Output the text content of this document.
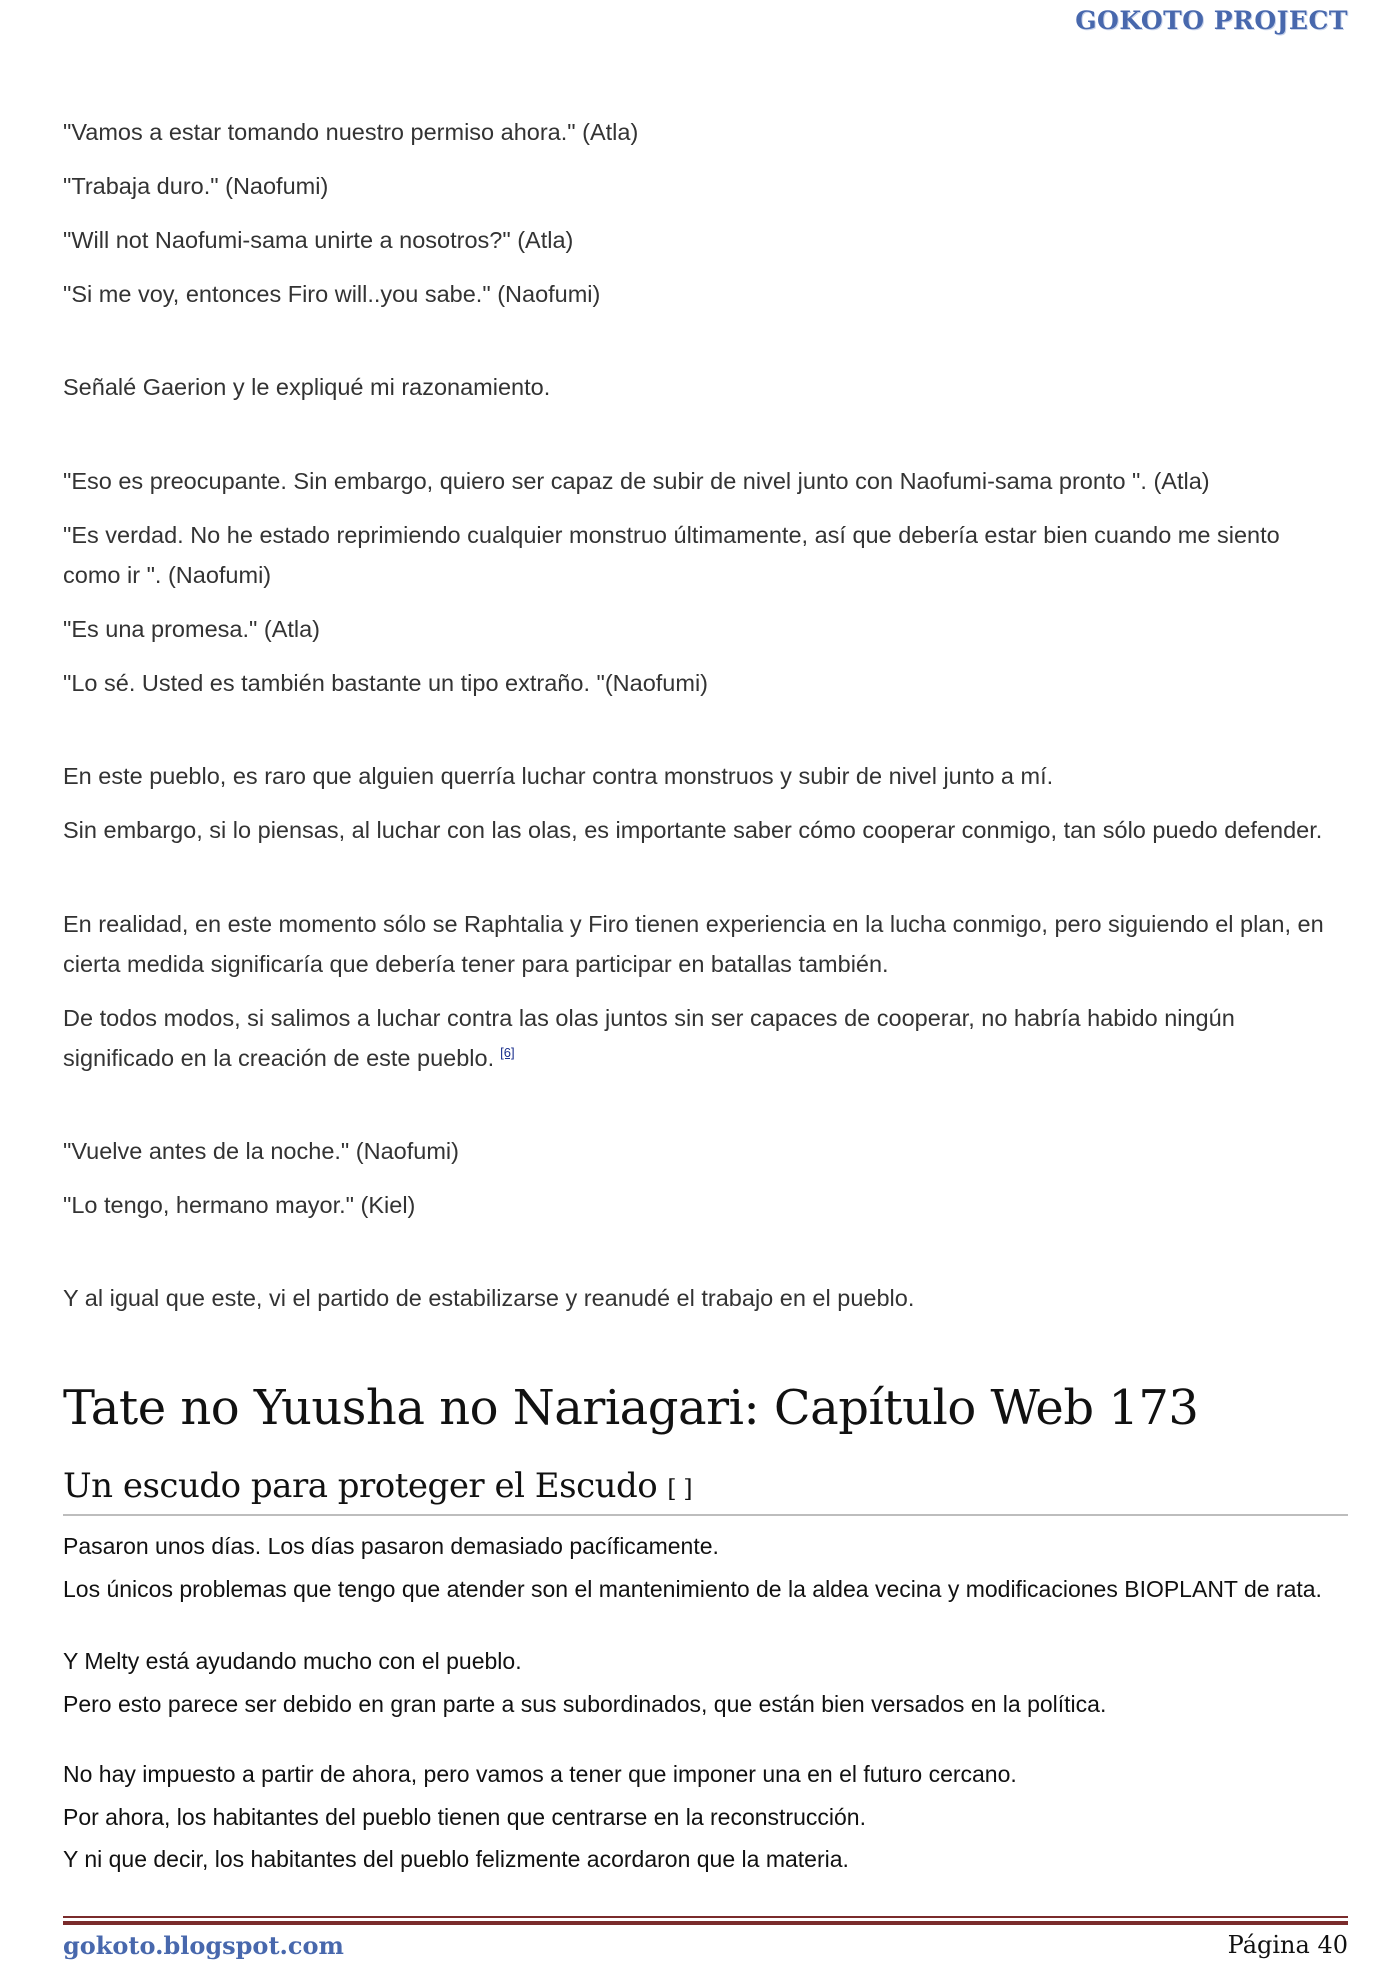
GOKOTO PROJECT

"Vamos a estar tomando nuestro permiso ahora." (Atla)

"Trabaja duro." (Naofumi)

"Will not Naofumi-sama unirte a nosotros?" (Atla)

"Si me voy, entonces Firo will..you sabe." (Naofumi)

Señalé Gaerion y le expliqué mi razonamiento.

"Eso es preocupante. Sin embargo, quiero ser capaz de subir de nivel junto con Naofumi-sama pronto ". (Atla)

"Es verdad. No he estado reprimiendo cualquier monstruo últimamente, así que debería estar bien cuando me siento como ir ". (Naofumi)

"Es una promesa." (Atla)

"Lo sé. Usted es también bastante un tipo extraño. "(Naofumi)

En este pueblo, es raro que alguien querría luchar contra monstruos y subir de nivel junto a mí.

Sin embargo, si lo piensas, al luchar con las olas, es importante saber cómo cooperar conmigo, tan sólo puedo defender.

En realidad, en este momento sólo se Raphtalia y Firo tienen experiencia en la lucha conmigo, pero siguiendo el plan, en cierta medida significaría que debería tener para participar en batallas también.

De todos modos, si salimos a luchar contra las olas juntos sin ser capaces de cooperar, no habría habido ningún significado en la creación de este pueblo. [6]

"Vuelve antes de la noche." (Naofumi)

"Lo tengo, hermano mayor." (Kiel)

Y al igual que este, vi el partido de estabilizarse y reanudé el trabajo en el pueblo.

Tate no Yuusha no Nariagari: Capítulo Web 173
Un escudo para proteger el Escudo [ ]

Pasaron unos días. Los días pasaron demasiado pacíficamente.

Los únicos problemas que tengo que atender son el mantenimiento de la aldea vecina y modificaciones BIOPLANT de rata.

Y Melty está ayudando mucho con el pueblo.

Pero esto parece ser debido en gran parte a sus subordinados, que están bien versados en la política.

No hay impuesto a partir de ahora, pero vamos a tener que imponer una en el futuro cercano.

Por ahora, los habitantes del pueblo tienen que centrarse en la reconstrucción.

Y ni que decir, los habitantes del pueblo felizmente acordaron que la materia.

gokoto.blogspot.com	Página 40
